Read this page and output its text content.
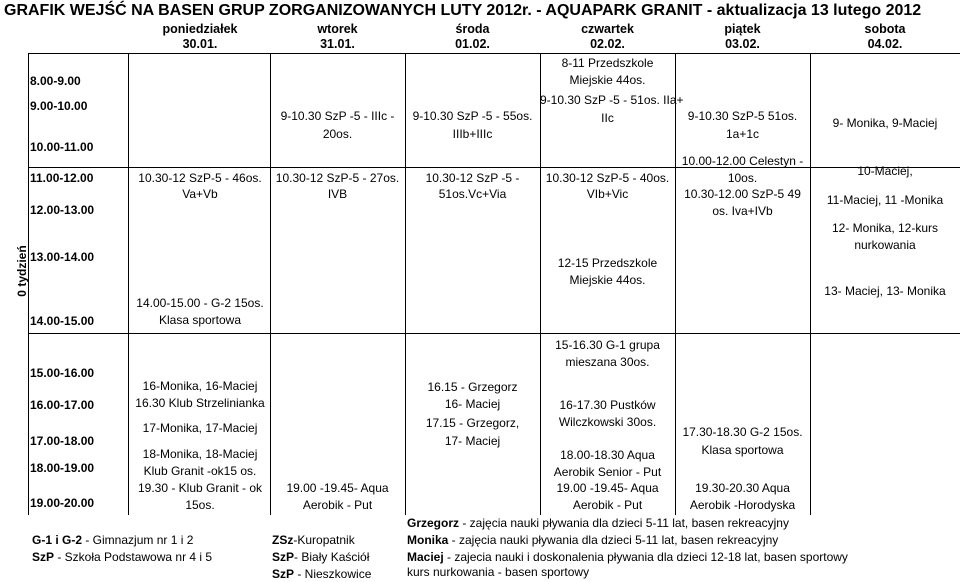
GRAFIK WEJŚĆ NA BASEN GRUP ZORGANIZOWANYCH LUTY 2012r. - AQUAPARK GRANIT - aktualizacja 13 lutego 2012
0 tydzień
poniedziałek
30.01.
wtorek
31.01.
środa
01.02.
czwartek
02.02.
piątek
03.02.
sobota
04.02.
8.00-9.00
9.00-10.00
10.00-11.00
11.00-12.00
12.00-13.00
13.00-14.00
14.00-15.00
15.00-16.00
16.00-17.00
17.00-18.00
18.00-19.00
19.00-20.00
10.30-12 SzP-5 - 46os.
Va+Vb
14.00-15.00 - G-2 15os.
Klasa sportowa
16-Monika, 16-Maciej
16.30 Klub Strzelinianka
17-Monika, 17-Maciej
18-Monika, 18-Maciej
Klub Granit -ok15 os.
19.30 - Klub Granit - ok
15os.
9-10.30 SzP -5 - IIIc -
20os.
10.30-12 SzP-5 - 27os.
IVB
19.00 -19.45- Aqua
Aerobik - Put
9-10.30 SzP -5 - 55os.
IIIb+IIIc
10.30-12 SzP -5 -
51os.Vc+Via
16.15 - Grzegorz
16- Maciej
17.15 - Grzegorz,
17- Maciej
8-11 Przedszkole
Miejskie 44os.
9-10.30 SzP -5 - 51os. IIa+
IIc
10.30-12 SzP-5 - 40os.
VIb+Vic
12-15 Przedszkole
Miejskie 44os.
15-16.30 G-1 grupa
mieszana 30os.
16-17.30 Pustków
Wilczkowski 30os.
18.00-18.30 Aqua
Aerobik Senior - Put
19.00 -19.45- Aqua
Aerobik - Put
9-10.30 SzP-5 51os.
1a+1c
10.00-12.00 Celestyn -
10os.
10.30-12.00 SzP-5 49
os. Iva+IVb
17.30-18.30 G-2 15os.
Klasa sportowa
19.30-20.30 Aqua
Aerobik -Horodyska
9- Monika, 9-Maciej
10-Maciej,
11-Maciej, 11 -Monika
12- Monika, 12-kurs
nurkowania
13- Maciej, 13- Monika
G-1 i G-2 - Gimnazjum nr 1 i 2
SzP - Szkoła Podstawowa nr 4 i 5
ZSz-Kuropatnik
SzP- Biały Kaściół
SzP - Nieszkowice
Grzegorz - zajęcia nauki pływania dla dzieci 5-11 lat, basen rekreacyjny
Monika - zajęcia nauki pływania dla dzieci 5-11 lat, basen rekreacyjny
Maciej - zajecia nauki i doskonalenia pływania dla dzieci 12-18 lat, basen sportowy
kurs nurkowania - basen sportowy
